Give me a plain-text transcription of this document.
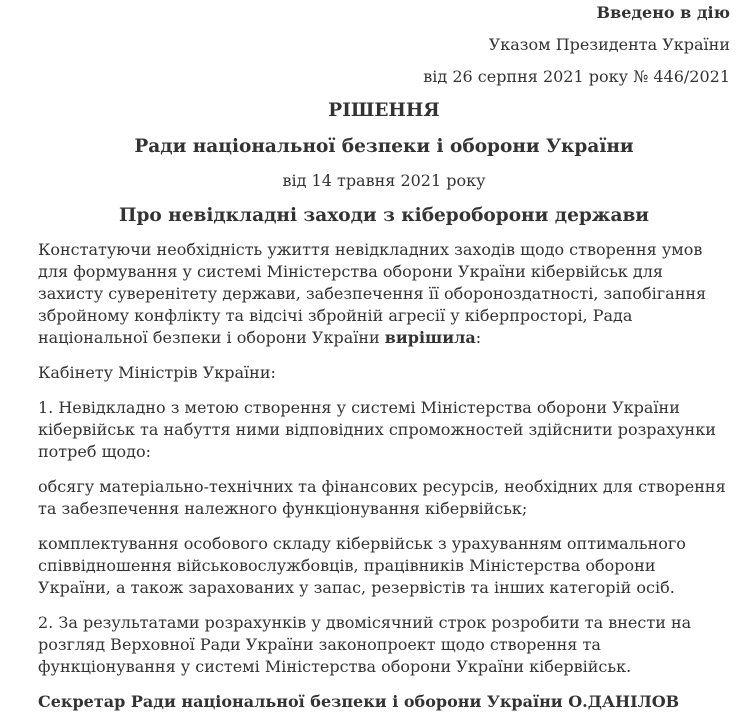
Введено в дію

Указом Президента України

від 26 серпня 2021 року № 446/2021

РІШЕННЯ

Ради національної безпеки і оборони України

від 14 травня 2021 року

Про невідкладні заходи з кібероборони держави

Констатуючи необхідність ужиття невідкладних заходів щодо створення умов для формування у системі Міністерства оборони України кібервійськ для захисту суверенітету держави, забезпечення її обороноздатності, запобігання збройному конфлікту та відсічі збройній агресії у кіберпросторі, Рада національної безпеки і оборони України вирішила:

Кабінету Міністрів України:

1. Невідкладно з метою створення у системі Міністерства оборони України кібервійськ та набуття ними відповідних спроможностей здійснити розрахунки потреб щодо:

обсягу матеріально-технічних та фінансових ресурсів, необхідних для створення та забезпечення належного функціонування кібервійськ;

комплектування особового складу кібервійськ з урахуванням оптимального співвідношення військовослужбовців, працівників Міністерства оборони України, а також зарахованих у запас, резервістів та інших категорій осіб.

2. За результатами розрахунків у двомісячний строк розробити та внести на розгляд Верховної Ради України законопроект щодо створення та функціонування у системі Міністерства оборони України кібервійськ.

Секретар Ради національної безпеки і оборони України О.ДАНІЛОВ
